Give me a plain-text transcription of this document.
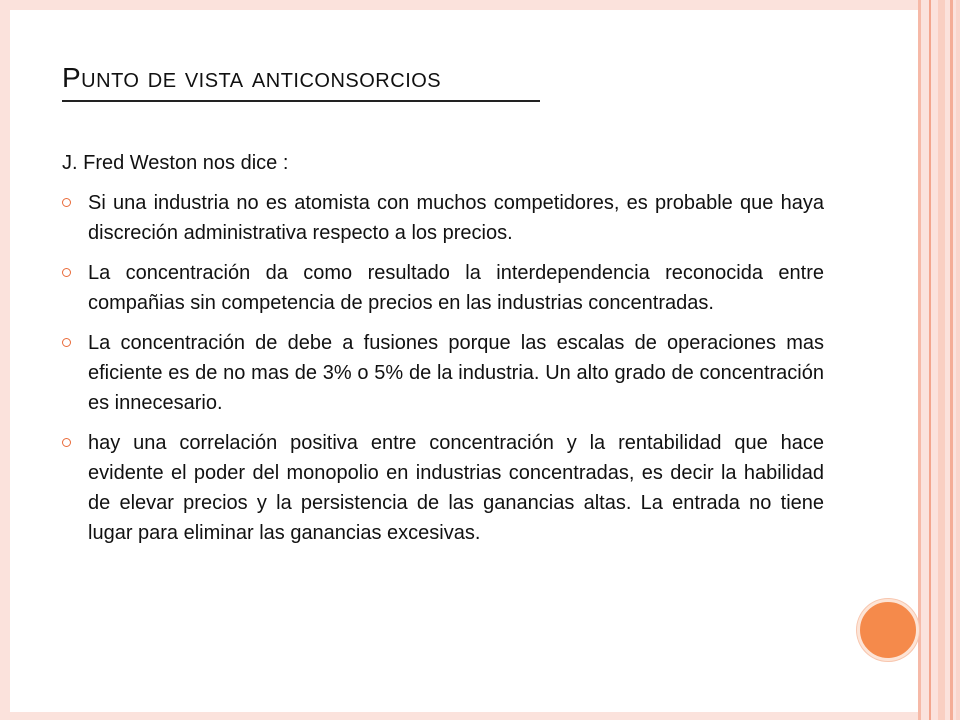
Punto de vista anticonsorcios

J. Fred Weston nos dice :

Si una industria no es atomista con muchos competidores, es probable que haya discreción administrativa respecto a los precios.
La concentración da como resultado la interdependencia reconocida entre compañias sin competencia de precios en las industrias concentradas.
La concentración de debe a fusiones porque las escalas de operaciones mas eficiente es de no mas de 3% o 5% de la industria. Un alto grado de concentración es innecesario.
hay una correlación positiva entre concentración y la rentabilidad que hace evidente el poder del monopolio en industrias concentradas, es decir la habilidad de elevar precios y la persistencia de las ganancias altas. La entrada no tiene lugar para eliminar las ganancias excesivas.
